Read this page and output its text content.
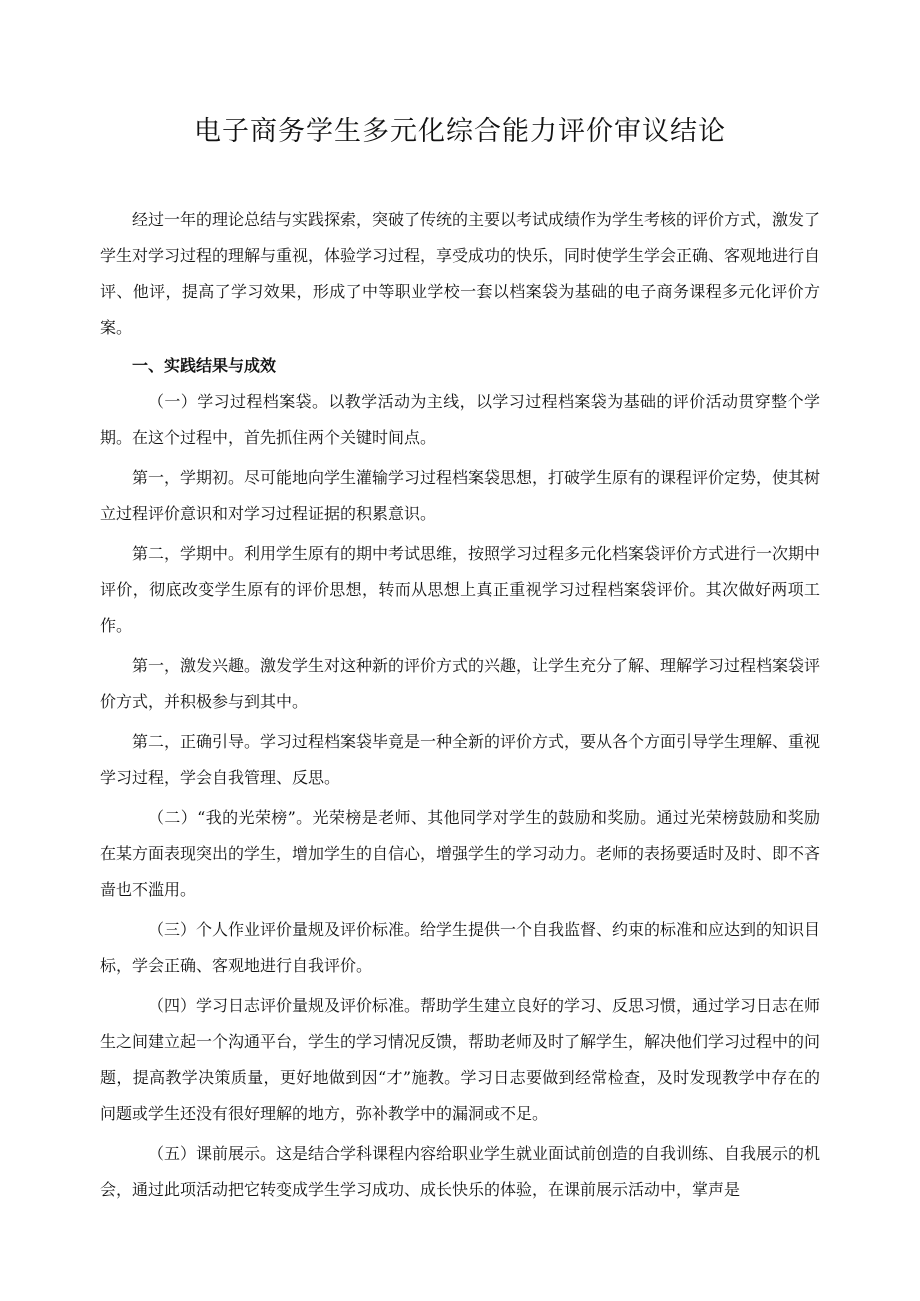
电子商务学生多元化综合能力评价审议结论

经过一年的理论总结与实践探索，突破了传统的主要以考试成绩作为学生考核的评价方式，激发了学生对学习过程的理解与重视，体验学习过程，享受成功的快乐，同时使学生学会正确、客观地进行自评、他评，提高了学习效果，形成了中等职业学校一套以档案袋为基础的电子商务课程多元化评价方案。

一、实践结果与成效

（一）学习过程档案袋。以教学活动为主线，以学习过程档案袋为基础的评价活动贯穿整个学期。在这个过程中，首先抓住两个关键时间点。

第一，学期初。尽可能地向学生灌输学习过程档案袋思想，打破学生原有的课程评价定势，使其树立过程评价意识和对学习过程证据的积累意识。

第二，学期中。利用学生原有的期中考试思维，按照学习过程多元化档案袋评价方式进行一次期中评价，彻底改变学生原有的评价思想，转而从思想上真正重视学习过程档案袋评价。其次做好两项工作。

第一，激发兴趣。激发学生对这种新的评价方式的兴趣，让学生充分了解、理解学习过程档案袋评价方式，并积极参与到其中。

第二，正确引导。学习过程档案袋毕竟是一种全新的评价方式，要从各个方面引导学生理解、重视学习过程，学会自我管理、反思。

（二）“我的光荣榜”。光荣榜是老师、其他同学对学生的鼓励和奖励。通过光荣榜鼓励和奖励在某方面表现突出的学生，增加学生的自信心，增强学生的学习动力。老师的表扬要适时及时、即不吝啬也不滥用。

（三）个人作业评价量规及评价标准。给学生提供一个自我监督、约束的标准和应达到的知识目标，学会正确、客观地进行自我评价。

（四）学习日志评价量规及评价标准。帮助学生建立良好的学习、反思习惯，通过学习日志在师生之间建立起一个沟通平台，学生的学习情况反馈，帮助老师及时了解学生，解决他们学习过程中的问题，提高教学决策质量，更好地做到因“才”施教。学习日志要做到经常检查，及时发现教学中存在的问题或学生还没有很好理解的地方，弥补教学中的漏洞或不足。

（五）课前展示。这是结合学科课程内容给职业学生就业面试前创造的自我训练、自我展示的机会，通过此项活动把它转变成学生学习成功、成长快乐的体验，在课前展示活动中，掌声是
